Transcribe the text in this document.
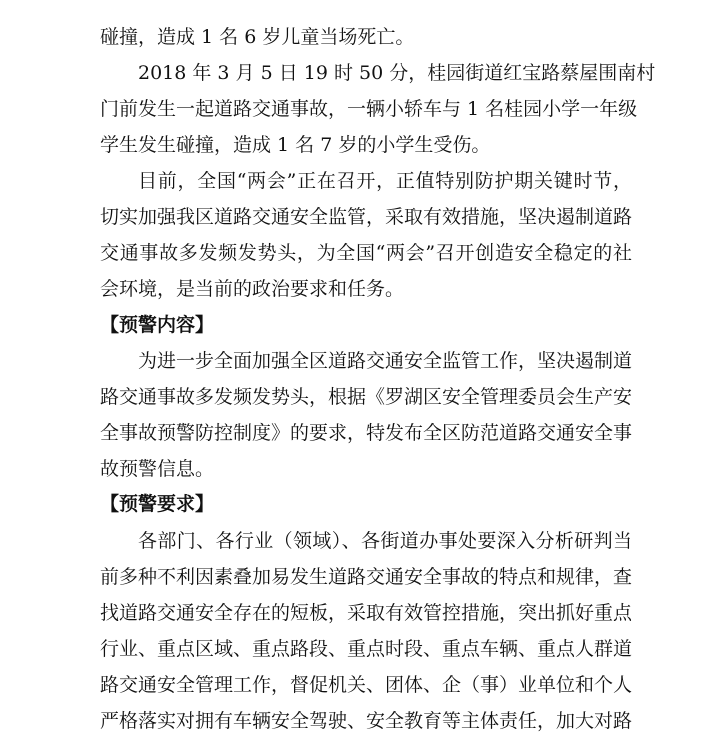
碰撞，造成 1 名 6 岁儿童当场死亡。
2018 年 3 月 5 日 19 时 50 分，桂园街道红宝路蔡屋围南村
门前发生一起道路交通事故，一辆小轿车与 1 名桂园小学一年级
学生发生碰撞，造成 1 名 7 岁的小学生受伤。
目前，全国“两会”正在召开，正值特别防护期关键时节，
切实加强我区道路交通安全监管，采取有效措施，坚决遏制道路
交通事故多发频发势头，为全国“两会”召开创造安全稳定的社
会环境，是当前的政治要求和任务。
【预警内容】
为进一步全面加强全区道路交通安全监管工作，坚决遏制道
路交通事故多发频发势头，根据《罗湖区安全管理委员会生产安
全事故预警防控制度》的要求，特发布全区防范道路交通安全事
故预警信息。
【预警要求】
各部门、各行业（领域）、各街道办事处要深入分析研判当
前多种不利因素叠加易发生道路交通安全事故的特点和规律，查
找道路交通安全存在的短板，采取有效管控措施，突出抓好重点
行业、重点区域、重点路段、重点时段、重点车辆、重点人群道
路交通安全管理工作，督促机关、团体、企（事）业单位和个人
严格落实对拥有车辆安全驾驶、安全教育等主体责任，加大对路
